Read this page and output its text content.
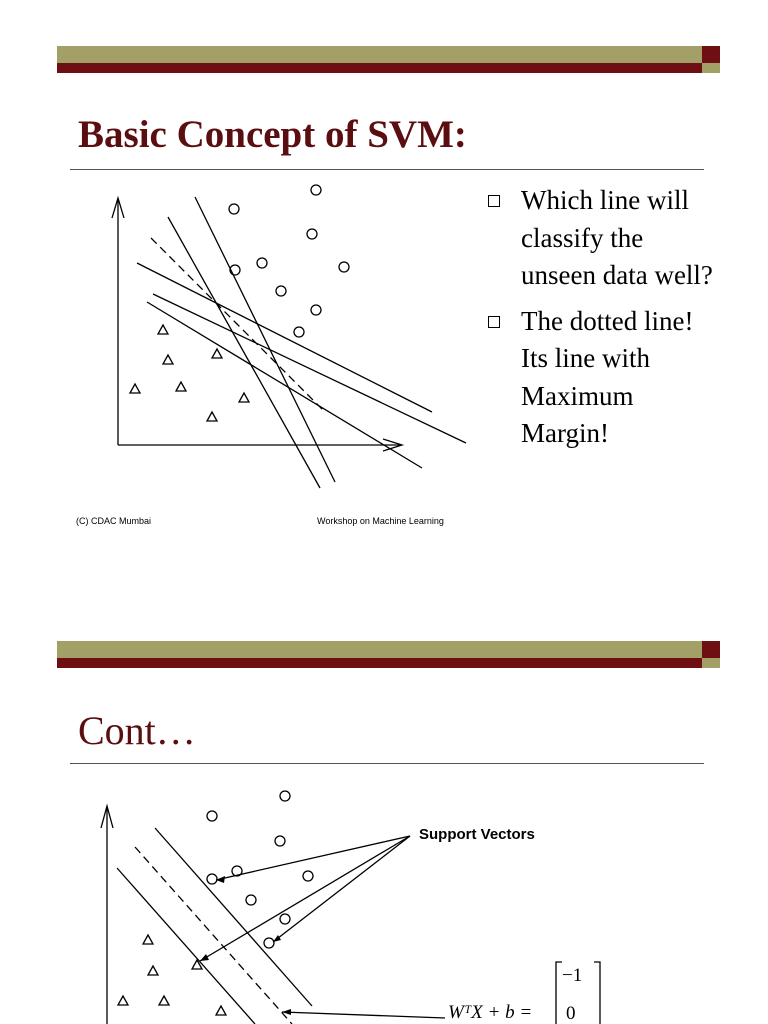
Basic Concept of SVM:
Which line will classify the unseen data well?
The dotted line! Its line with Maximum Margin!
(C) CDAC Mumbai	Workshop on Machine Learning
Cont…
Support Vectors
WᵀX + b =
−1
0
